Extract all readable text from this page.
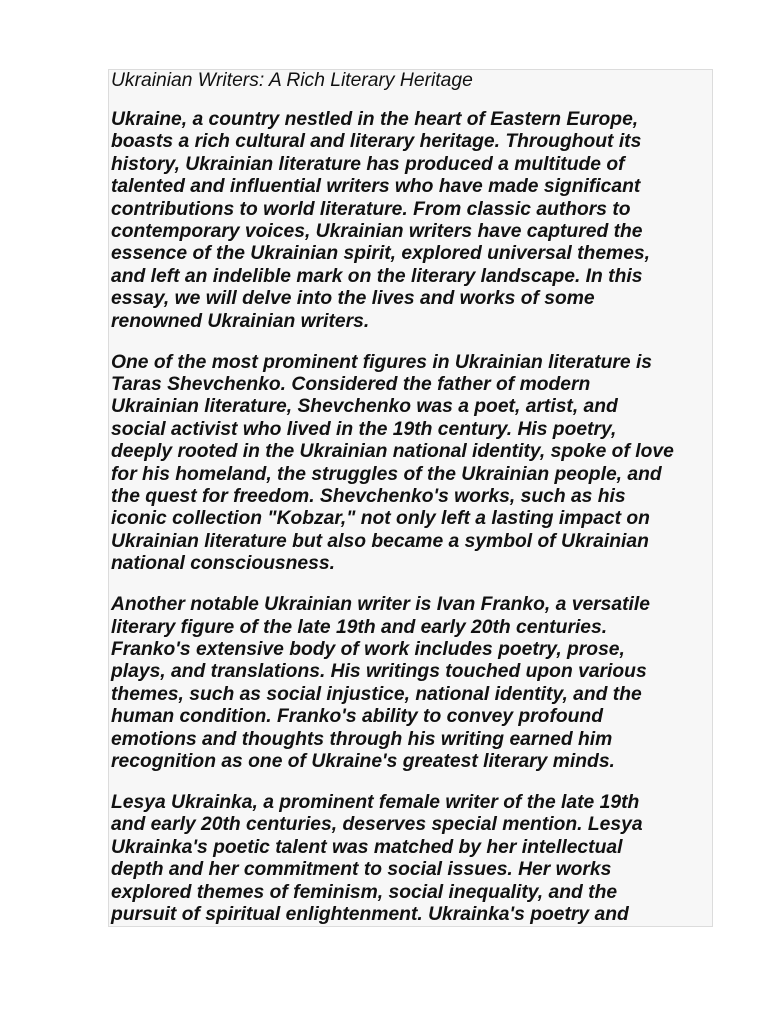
Ukrainian Writers: A Rich Literary Heritage

Ukraine, a country nestled in the heart of Eastern Europe,
boasts a rich cultural and literary heritage. Throughout its
history, Ukrainian literature has produced a multitude of
talented and influential writers who have made significant
contributions to world literature. From classic authors to
contemporary voices, Ukrainian writers have captured the
essence of the Ukrainian spirit, explored universal themes,
and left an indelible mark on the literary landscape. In this
essay, we will delve into the lives and works of some
renowned Ukrainian writers.

One of the most prominent figures in Ukrainian literature is
Taras Shevchenko. Considered the father of modern
Ukrainian literature, Shevchenko was a poet, artist, and
social activist who lived in the 19th century. His poetry,
deeply rooted in the Ukrainian national identity, spoke of love
for his homeland, the struggles of the Ukrainian people, and
the quest for freedom. Shevchenko's works, such as his
iconic collection "Kobzar," not only left a lasting impact on
Ukrainian literature but also became a symbol of Ukrainian
national consciousness.

Another notable Ukrainian writer is Ivan Franko, a versatile
literary figure of the late 19th and early 20th centuries.
Franko's extensive body of work includes poetry, prose,
plays, and translations. His writings touched upon various
themes, such as social injustice, national identity, and the
human condition. Franko's ability to convey profound
emotions and thoughts through his writing earned him
recognition as one of Ukraine's greatest literary minds.

Lesya Ukrainka, a prominent female writer of the late 19th
and early 20th centuries, deserves special mention. Lesya
Ukrainka's poetic talent was matched by her intellectual
depth and her commitment to social issues. Her works
explored themes of feminism, social inequality, and the
pursuit of spiritual enlightenment. Ukrainka's poetry and
